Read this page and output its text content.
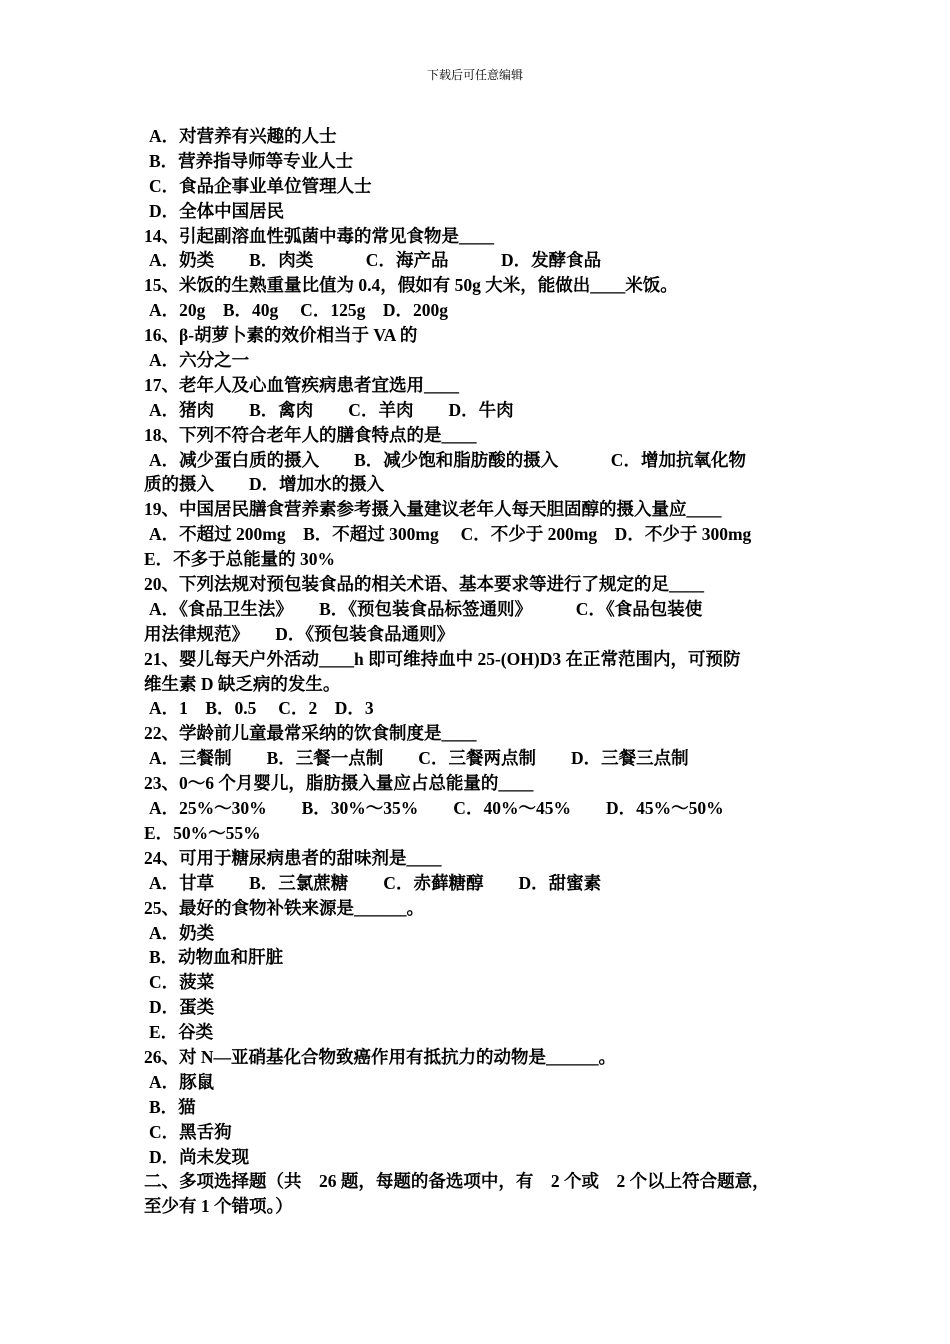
下载后可任意编辑
A．对营养有兴趣的人士
B．营养指导师等专业人士
C．食品企事业单位管理人士
D．全体中国居民
14、引起副溶血性弧菌中毒的常见食物是____
A．奶类　　B．肉类　　　C．海产品　　　D．发酵食品
15、米饭的生熟重量比值为 0.4，假如有 50g 大米，能做出____米饭。
A．20g　B．40g　 C．125g　D．200g
16、β-胡萝卜素的效价相当于 VA 的
A．六分之一
17、老年人及心血管疾病患者宜选用____
A．猪肉　　B．禽肉　　C．羊肉　　D．牛肉
18、下列不符合老年人的膳食特点的是____
A．减少蛋白质的摄入　　B．减少饱和脂肪酸的摄入　　　C．增加抗氧化物
质的摄入　　D．增加水的摄入
19、中国居民膳食营养素参考摄入量建议老年人每天胆固醇的摄入量应____
A．不超过 200mg　B．不超过 300mg　 C．不少于 200mg　D．不少于 300mg
E．不多于总能量的 30%
20、下列法规对预包装食品的相关术语、基本要求等进行了规定的足____
A．《食品卫生法》　　B．《预包装食品标签通则》　　　C．《食品包装使
用法律规范》　　D．《预包装食品通则》
21、婴儿每天户外活动____h 即可维持血中 25-(OH)D3 在正常范围内，可预防
维生素 D 缺乏病的发生。
A．1　B．0.5　 C．2　D．3
22、学龄前儿童最常采纳的饮食制度是____
A．三餐制　　B．三餐一点制　　C．三餐两点制　　D．三餐三点制
23、0～6 个月婴儿，脂肪摄入量应占总能量的____
A．25%～30%　　B．30%～35%　　C．40%～45%　　D．45%～50%
E．50%～55%
24、可用于糖尿病患者的甜味剂是____
A．甘草　　B．三氯蔗糖　　C．赤藓糖醇　　D．甜蜜素
25、最好的食物补铁来源是______。
A．奶类
B．动物血和肝脏
C．菠菜
D．蛋类
E．谷类
26、对 N—亚硝基化合物致癌作用有抵抗力的动物是______。
A．豚鼠
B．猫
C．黑舌狗
D．尚未发现
二、多项选择题（共　26 题，每题的备选项中，有　2 个或　2 个以上符合题意，
至少有 1 个错项。）
